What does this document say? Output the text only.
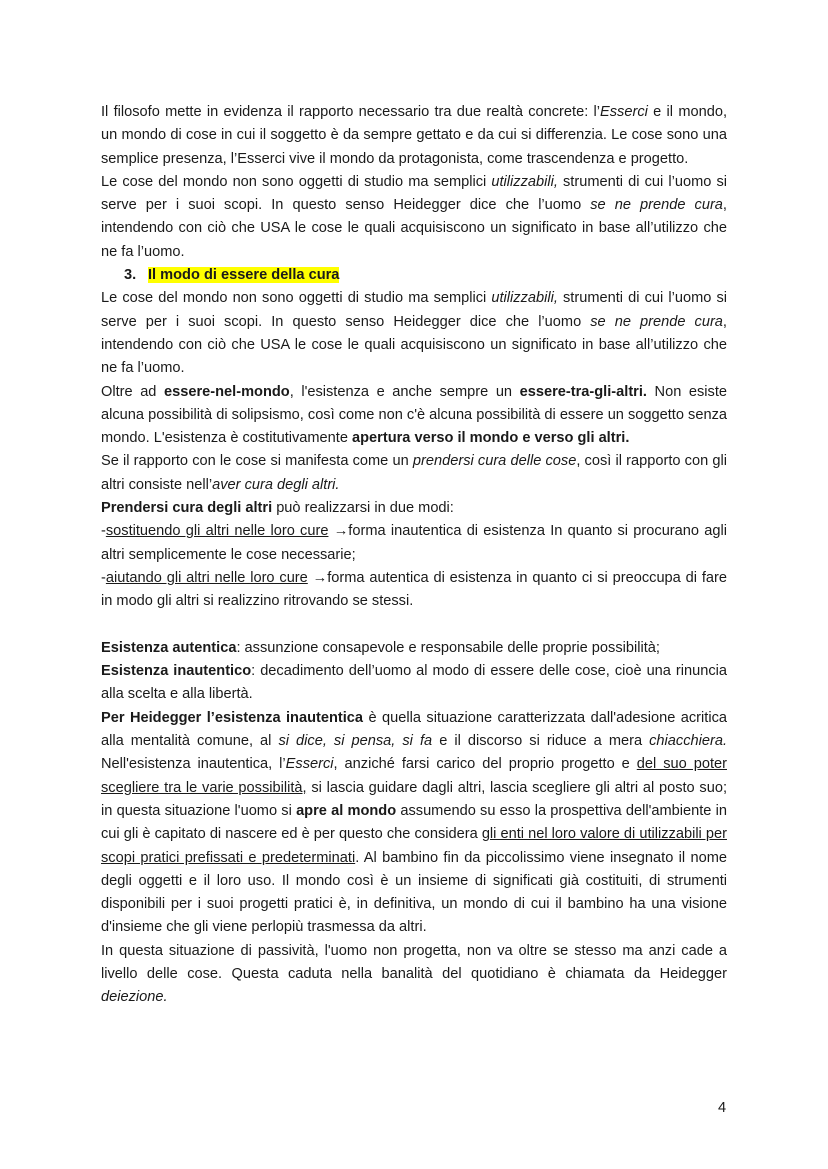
Il filosofo mette in evidenza il rapporto necessario tra due realtà concrete: l’Esserci e il mondo, un mondo di cose in cui il soggetto è da sempre gettato e da cui si differenzia. Le cose sono una semplice presenza, l’Esserci vive il mondo da protagonista, come trascendenza e progetto.

Le cose del mondo non sono oggetti di studio ma semplici utilizzabili, strumenti di cui l’uomo si serve per i suoi scopi. In questo senso Heidegger dice che l’uomo se ne prende cura, intendendo con ciò che USA le cose le quali acquisiscono un significato in base all’utilizzo che ne fa l’uomo.

3. Il modo di essere della cura

Le cose del mondo non sono oggetti di studio ma semplici utilizzabili, strumenti di cui l’uomo si serve per i suoi scopi. In questo senso Heidegger dice che l’uomo se ne prende cura, intendendo con ciò che USA le cose le quali acquisiscono un significato in base all’utilizzo che ne fa l’uomo.

Oltre ad essere-nel-mondo, l'esistenza e anche sempre un essere-tra-gli-altri. Non esiste alcuna possibilità di solipsismo, così come non c'è alcuna possibilità di essere un soggetto senza mondo. L'esistenza è costitutivamente apertura verso il mondo e verso gli altri.

Se il rapporto con le cose si manifesta come un prendersi cura delle cose, così il rapporto con gli altri consiste nell’aver cura degli altri.

Prendersi cura degli altri può realizzarsi in due modi:

-sostituendo gli altri nelle loro cure →forma inautentica di esistenza In quanto si procurano agli altri semplicemente le cose necessarie;

-aiutando gli altri nelle loro cure →forma autentica di esistenza in quanto ci si preoccupa di fare in modo gli altri si realizzino ritrovando se stessi.

Esistenza autentica: assunzione consapevole e responsabile delle proprie possibilità;

Esistenza inautentico: decadimento dell’uomo al modo di essere delle cose, cioè una rinuncia alla scelta e alla libertà.

Per Heidegger l’esistenza inautentica è quella situazione caratterizzata dall'adesione acritica alla mentalità comune, al si dice, si pensa, si fa e il discorso si riduce a mera chiacchiera. Nell'esistenza inautentica, l’Esserci, anziché farsi carico del proprio progetto e del suo poter scegliere tra le varie possibilità, si lascia guidare dagli altri, lascia scegliere gli altri al posto suo; in questa situazione l'uomo si apre al mondo assumendo su esso la prospettiva dell'ambiente in cui gli è capitato di nascere ed è per questo che considera gli enti nel loro valore di utilizzabili per scopi pratici prefissati e predeterminati. Al bambino fin da piccolissimo viene insegnato il nome degli oggetti e il loro uso. Il mondo così è un insieme di significati già costituiti, di strumenti disponibili per i suoi progetti pratici è, in definitiva, un mondo di cui il bambino ha una visione d'insieme che gli viene perlopiù trasmessa da altri.

In questa situazione di passività, l'uomo non progetta, non va oltre se stesso ma anzi cade a livello delle cose. Questa caduta nella banalità del quotidiano è chiamata da Heidegger deiezione.

4
